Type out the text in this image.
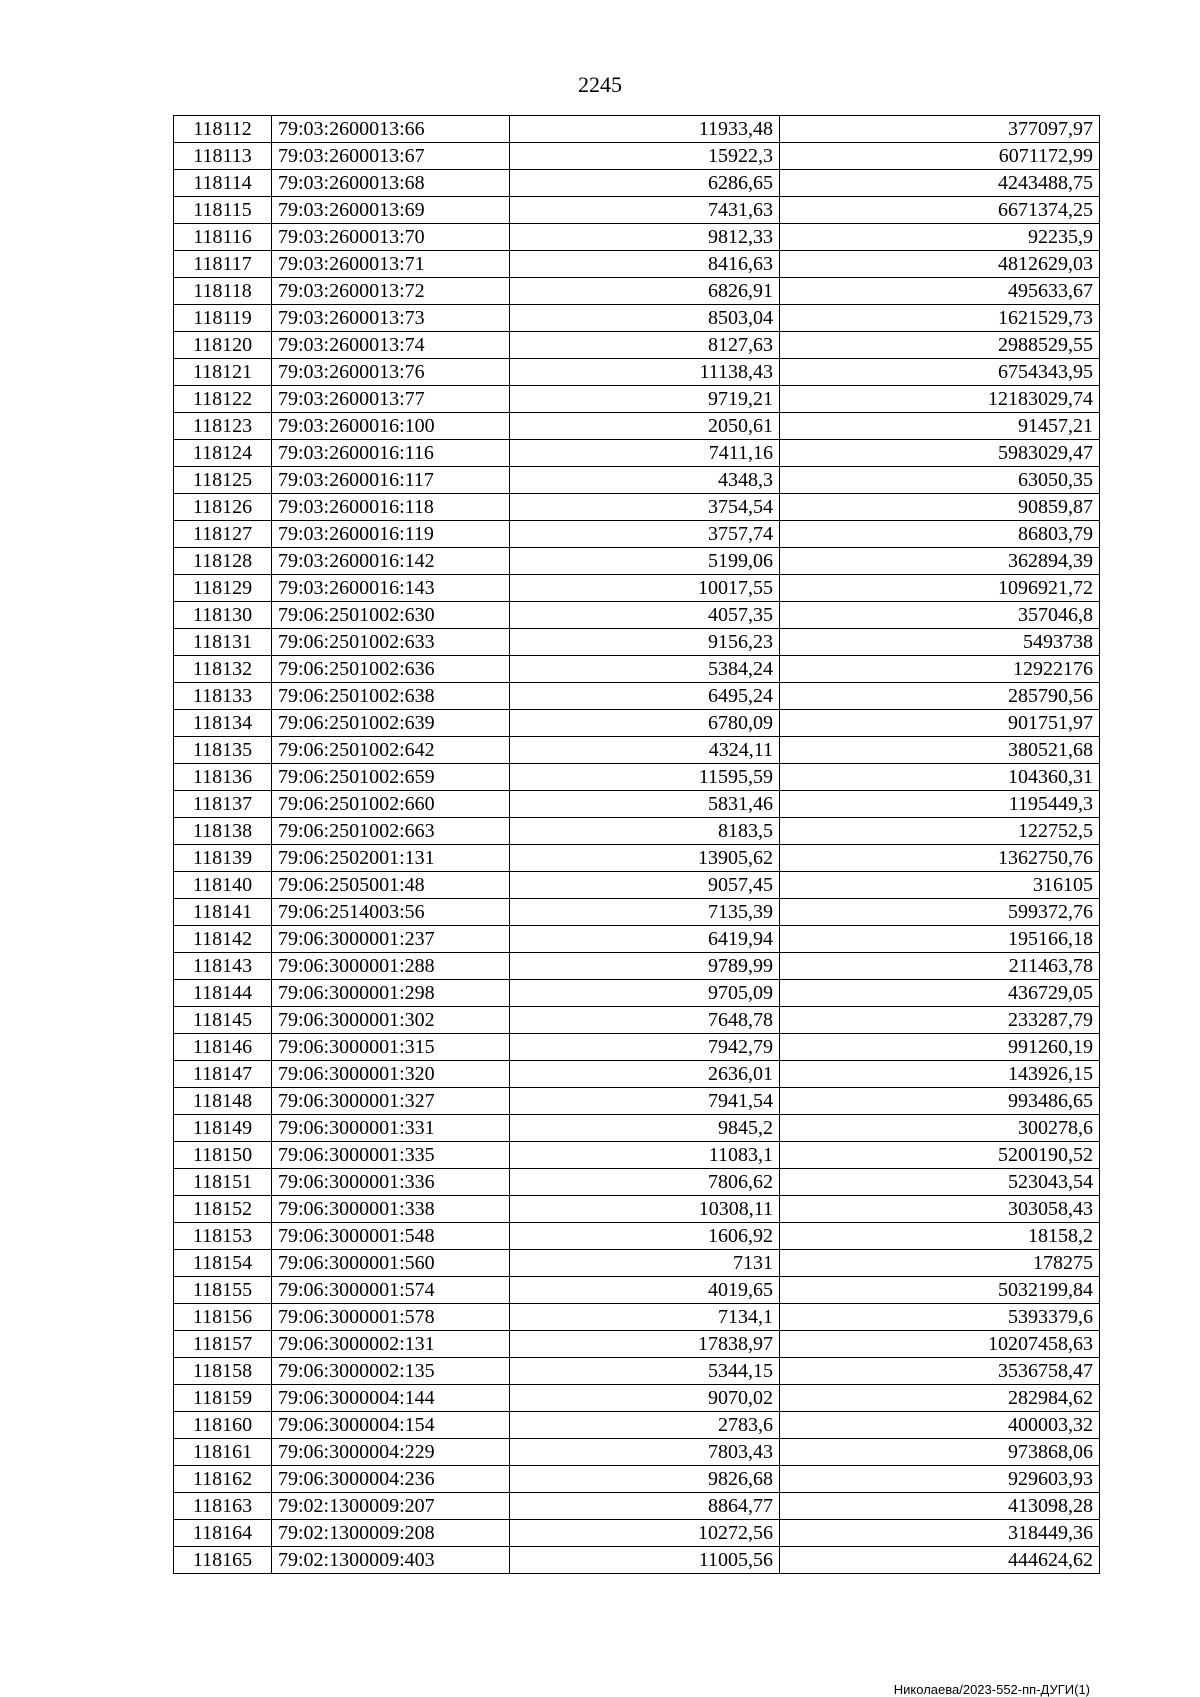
2245
118112	79:03:2600013:66	11933,48	377097,97
118113	79:03:2600013:67	15922,3	6071172,99
118114	79:03:2600013:68	6286,65	4243488,75
118115	79:03:2600013:69	7431,63	6671374,25
118116	79:03:2600013:70	9812,33	92235,9
118117	79:03:2600013:71	8416,63	4812629,03
118118	79:03:2600013:72	6826,91	495633,67
118119	79:03:2600013:73	8503,04	1621529,73
118120	79:03:2600013:74	8127,63	2988529,55
118121	79:03:2600013:76	11138,43	6754343,95
118122	79:03:2600013:77	9719,21	12183029,74
118123	79:03:2600016:100	2050,61	91457,21
118124	79:03:2600016:116	7411,16	5983029,47
118125	79:03:2600016:117	4348,3	63050,35
118126	79:03:2600016:118	3754,54	90859,87
118127	79:03:2600016:119	3757,74	86803,79
118128	79:03:2600016:142	5199,06	362894,39
118129	79:03:2600016:143	10017,55	1096921,72
118130	79:06:2501002:630	4057,35	357046,8
118131	79:06:2501002:633	9156,23	5493738
118132	79:06:2501002:636	5384,24	12922176
118133	79:06:2501002:638	6495,24	285790,56
118134	79:06:2501002:639	6780,09	901751,97
118135	79:06:2501002:642	4324,11	380521,68
118136	79:06:2501002:659	11595,59	104360,31
118137	79:06:2501002:660	5831,46	1195449,3
118138	79:06:2501002:663	8183,5	122752,5
118139	79:06:2502001:131	13905,62	1362750,76
118140	79:06:2505001:48	9057,45	316105
118141	79:06:2514003:56	7135,39	599372,76
118142	79:06:3000001:237	6419,94	195166,18
118143	79:06:3000001:288	9789,99	211463,78
118144	79:06:3000001:298	9705,09	436729,05
118145	79:06:3000001:302	7648,78	233287,79
118146	79:06:3000001:315	7942,79	991260,19
118147	79:06:3000001:320	2636,01	143926,15
118148	79:06:3000001:327	7941,54	993486,65
118149	79:06:3000001:331	9845,2	300278,6
118150	79:06:3000001:335	11083,1	5200190,52
118151	79:06:3000001:336	7806,62	523043,54
118152	79:06:3000001:338	10308,11	303058,43
118153	79:06:3000001:548	1606,92	18158,2
118154	79:06:3000001:560	7131	178275
118155	79:06:3000001:574	4019,65	5032199,84
118156	79:06:3000001:578	7134,1	5393379,6
118157	79:06:3000002:131	17838,97	10207458,63
118158	79:06:3000002:135	5344,15	3536758,47
118159	79:06:3000004:144	9070,02	282984,62
118160	79:06:3000004:154	2783,6	400003,32
118161	79:06:3000004:229	7803,43	973868,06
118162	79:06:3000004:236	9826,68	929603,93
118163	79:02:1300009:207	8864,77	413098,28
118164	79:02:1300009:208	10272,56	318449,36
118165	79:02:1300009:403	11005,56	444624,62
Николаева/2023-552-пп-ДУГИ(1)
